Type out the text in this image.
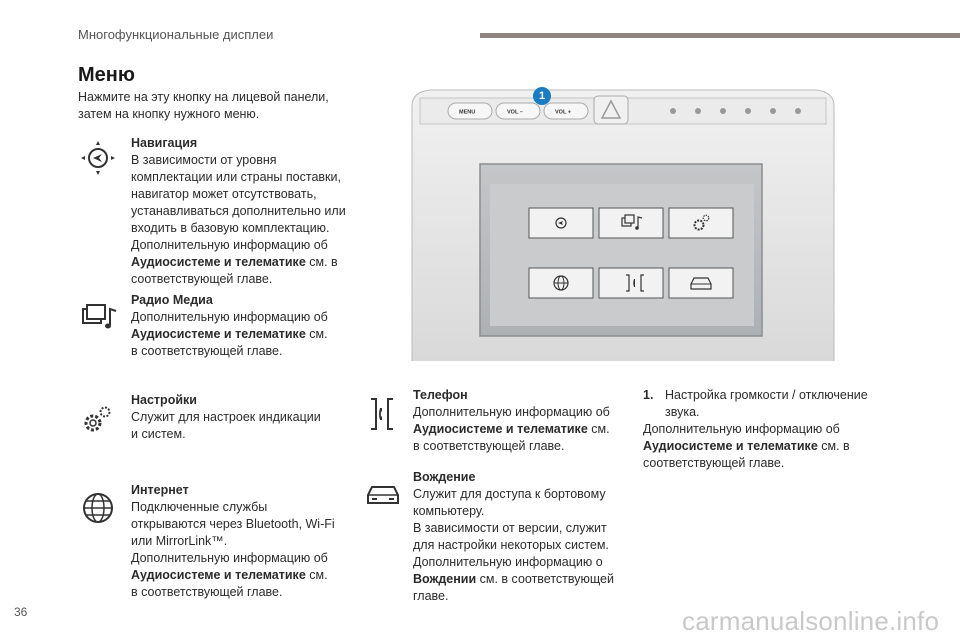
Многофункциональные дисплеи
Меню
Нажмите на эту кнопку на лицевой панели, затем на кнопку нужного меню.
Навигация
В зависимости от уровня
комплектации или страны поставки,
навигатор может отсутствовать,
устанавливаться дополнительно или
входить в базовую комплектацию.
Дополнительную информацию об
Аудиосистеме и телематике см. в
соответствующей главе.
Радио Медиа
Дополнительную информацию об
Аудиосистеме и телематике см.
в соответствующей главе.
Настройки
Служит для настроек индикации
и систем.
Интернет
Подключенные службы
открываются через Bluetooth, Wi-Fi
или MirrorLink™.
Дополнительную информацию об
Аудиосистеме и телематике см.
в соответствующей главе.
Телефон
Дополнительную информацию об
Аудиосистеме и телематике см.
в соответствующей главе.
Вождение
Служит для доступа к бортовому
компьютеру.
В зависимости от версии, служит
для настройки некоторых систем.
Дополнительную информацию о
Вождении см. в соответствующей
главе.
1. Настройка громкости / отключение
звука.
Дополнительную информацию об
Аудиосистеме и телематике см. в
соответствующей главе.
MENU	VOL –	VOL +
1
36	carmanualsonline.info
